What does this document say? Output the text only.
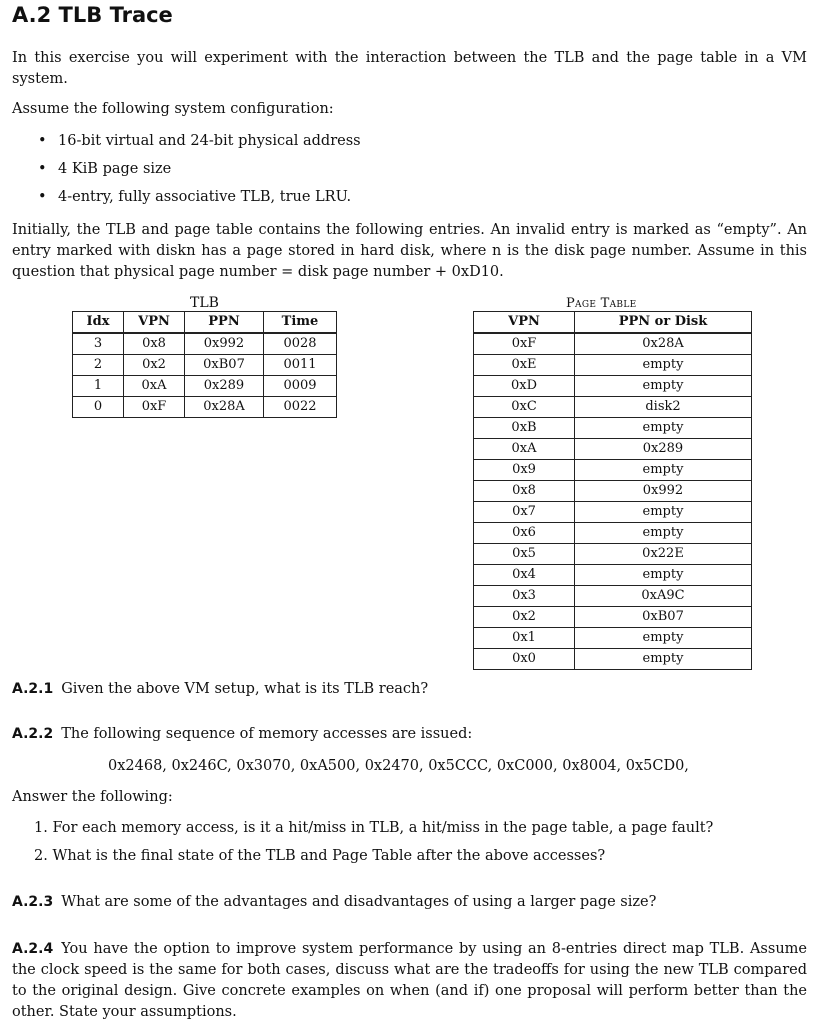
A.2 TLB Trace
In this exercise you will experiment with the interaction between the TLB and the page table in a VM system.
Assume the following system configuration:
• 16-bit virtual and 24-bit physical address
• 4 KiB page size
• 4-entry, fully associative TLB, true LRU.
Initially, the TLB and page table contains the following entries. An invalid entry is marked as “empty”. An entry marked with diskn has a page stored in hard disk, where n is the disk page number. Assume in this question that physical page number = disk page number + 0xD10.
TLB
Idx	VPN	PPN	Time
3	0x8	0x992	0028
2	0x2	0xB07	0011
1	0xA	0x289	0009
0	0xF	0x28A	0022
Page Table
VPN	PPN or Disk
0xF	0x28A
0xE	empty
0xD	empty
0xC	disk2
0xB	empty
0xA	0x289
0x9	empty
0x8	0x992
0x7	empty
0x6	empty
0x5	0x22E
0x4	empty
0x3	0xA9C
0x2	0xB07
0x1	empty
0x0	empty
A.2.1 Given the above VM setup, what is its TLB reach?
A.2.2 The following sequence of memory accesses are issued:
0x2468, 0x246C, 0x3070, 0xA500, 0x2470, 0x5CCC, 0xC000, 0x8004, 0x5CD0,
Answer the following:
1. For each memory access, is it a hit/miss in TLB, a hit/miss in the page table, a page fault?
2. What is the final state of the TLB and Page Table after the above accesses?
A.2.3 What are some of the advantages and disadvantages of using a larger page size?
A.2.4 You have the option to improve system performance by using an 8-entries direct map TLB. Assume the clock speed is the same for both cases, discuss what are the tradeoffs for using the new TLB compared to the original design. Give concrete examples on when (and if) one proposal will perform better than the other. State your assumptions.
